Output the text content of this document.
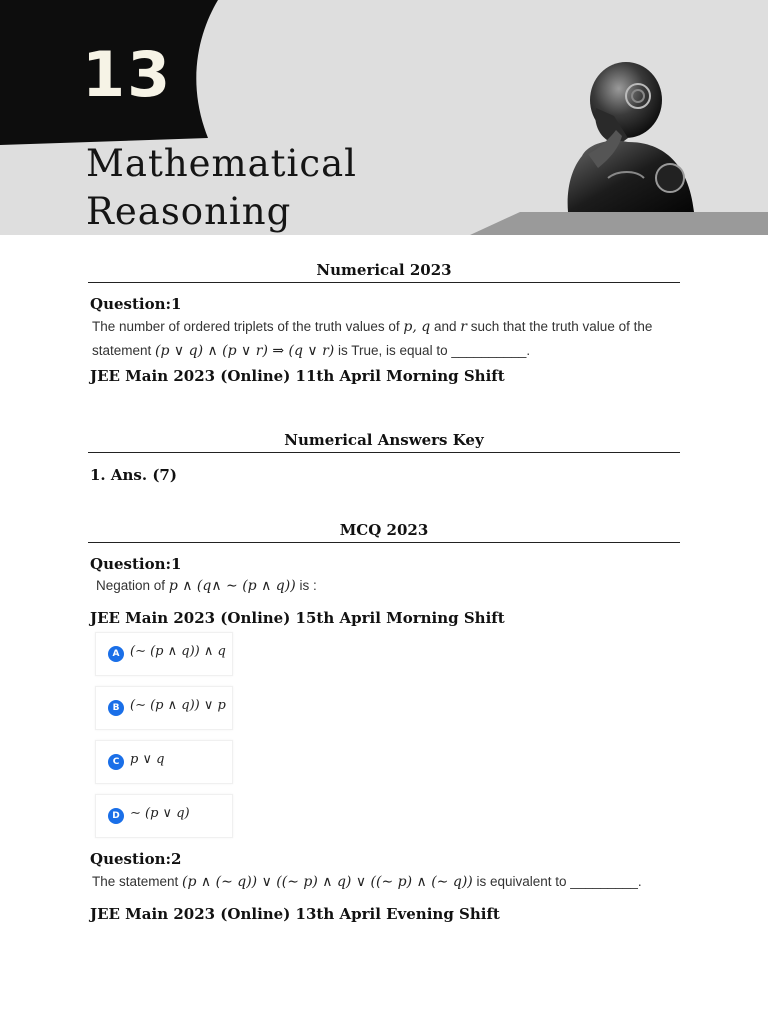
13
Mathematical
Reasoning
Numerical 2023
Question:1
The number of ordered triplets of the truth values of p, q and r such that the truth value of the
statement (p ∨ q) ∧ (p ∨ r) ⇒ (q ∨ r) is True, is equal to __________.
JEE Main 2023 (Online) 11th April Morning Shift
Numerical Answers Key
1. Ans. (7)
MCQ 2023
Question:1
Negation of p ∧ (q∧ ∼ (p ∧ q)) is :
JEE Main 2023 (Online) 15th April Morning Shift
A (∼ (p ∧ q)) ∧ q
B (∼ (p ∧ q)) ∨ p
C p ∨ q
D ∼ (p ∨ q)
Question:2
The statement (p ∧ (∼ q)) ∨ ((∼ p) ∧ q) ∨ ((∼ p) ∧ (∼ q)) is equivalent to _________.
JEE Main 2023 (Online) 13th April Evening Shift
